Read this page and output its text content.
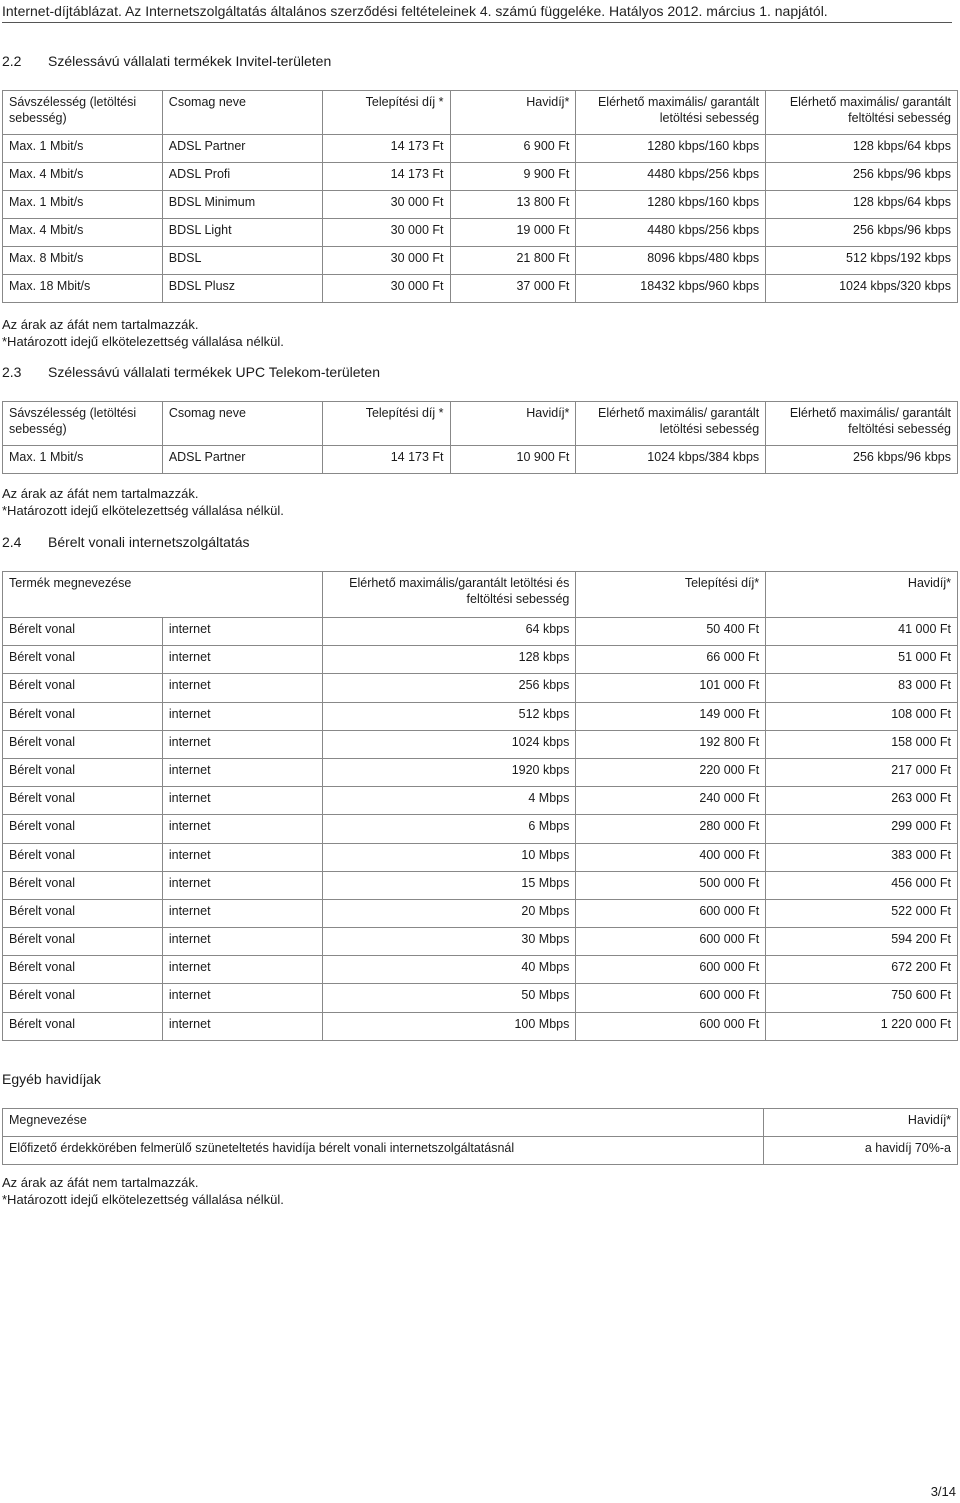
Internet-díjtáblázat. Az Internetszolgáltatás általános szerződési feltételeinek 4. számú függeléke. Hatályos 2012. március 1. napjától.
2.2	Szélessávú vállalati termékek Invitel-területen
Sávszélesség (letöltési sebesség)	Csomag neve	Telepítési díj *	Havidíj*	Elérhető maximális/ garantált letöltési sebesség	Elérhető maximális/ garantált feltöltési sebesség
Max. 1 Mbit/s	ADSL Partner	14 173 Ft	6 900 Ft	1280 kbps/160 kbps	128 kbps/64 kbps
Max. 4 Mbit/s	ADSL Profi	14 173 Ft	9 900 Ft	4480 kbps/256 kbps	256 kbps/96 kbps
Max. 1 Mbit/s	BDSL Minimum	30 000 Ft	13 800 Ft	1280 kbps/160 kbps	128 kbps/64 kbps
Max. 4 Mbit/s	BDSL Light	30 000 Ft	19 000 Ft	4480 kbps/256 kbps	256 kbps/96 kbps
Max. 8 Mbit/s	BDSL	30 000 Ft	21 800 Ft	8096 kbps/480 kbps	512 kbps/192 kbps
Max. 18 Mbit/s	BDSL Plusz	30 000 Ft	37 000 Ft	18432 kbps/960 kbps	1024 kbps/320 kbps
Az árak az áfát nem tartalmazzák.
*Határozott idejű elkötelezettség vállalása nélkül.
2.3	Szélessávú vállalati termékek UPC Telekom-területen
Sávszélesség (letöltési sebesség)	Csomag neve	Telepítési díj *	Havidíj*	Elérhető maximális/ garantált letöltési sebesség	Elérhető maximális/ garantált feltöltési sebesség
Max. 1 Mbit/s	ADSL Partner	14 173 Ft	10 900 Ft	1024 kbps/384 kbps	256 kbps/96 kbps
Az árak az áfát nem tartalmazzák.
*Határozott idejű elkötelezettség vállalása nélkül.
2.4	Bérelt vonali internetszolgáltatás
Termék megnevezése		Elérhető maximális/garantált letöltési és feltöltési sebesség	Telepítési díj*	Havidíj*
Bérelt vonal	internet	64 kbps	50 400 Ft	41 000 Ft
Bérelt vonal	internet	128 kbps	66 000 Ft	51 000 Ft
Bérelt vonal	internet	256 kbps	101 000 Ft	83 000 Ft
Bérelt vonal	internet	512 kbps	149 000 Ft	108 000 Ft
Bérelt vonal	internet	1024 kbps	192 800 Ft	158 000 Ft
Bérelt vonal	internet	1920 kbps	220 000 Ft	217 000 Ft
Bérelt vonal	internet	4 Mbps	240 000 Ft	263 000 Ft
Bérelt vonal	internet	6 Mbps	280 000 Ft	299 000 Ft
Bérelt vonal	internet	10 Mbps	400 000 Ft	383 000 Ft
Bérelt vonal	internet	15 Mbps	500 000 Ft	456 000 Ft
Bérelt vonal	internet	20 Mbps	600 000 Ft	522 000 Ft
Bérelt vonal	internet	30 Mbps	600 000 Ft	594 200 Ft
Bérelt vonal	internet	40 Mbps	600 000 Ft	672 200 Ft
Bérelt vonal	internet	50 Mbps	600 000 Ft	750 600 Ft
Bérelt vonal	internet	100 Mbps	600 000 Ft	1 220 000 Ft
Egyéb havidíjak
Megnevezése	Havidíj*
Előfizető érdekkörében felmerülő szüneteltetés havidíja bérelt vonali internetszolgáltatásnál	a havidíj 70%-a
Az árak az áfát nem tartalmazzák.
*Határozott idejű elkötelezettség vállalása nélkül.
3/14
